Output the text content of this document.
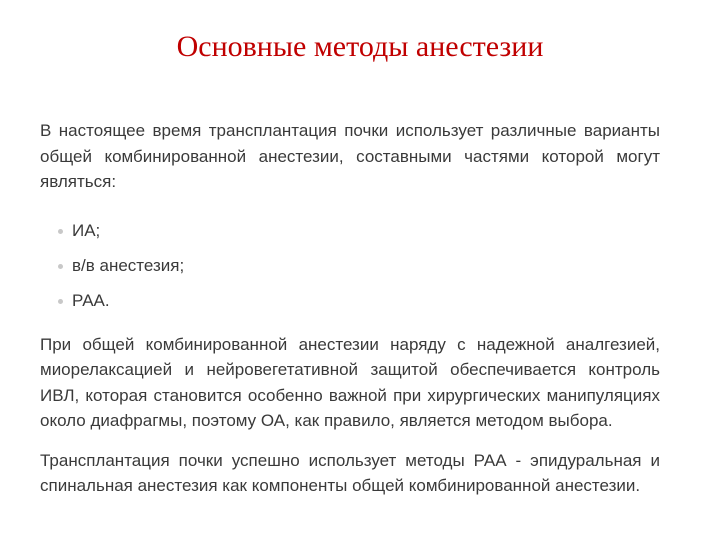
Основные методы анестезии

В настоящее время трансплантация почки использует различные варианты общей комбинированной анестезии, составными частями которой могут являться:

ИА;
в/в анестезия;
РАА.

При общей комбинированной анестезии наряду с надежной аналгезией, миорелаксацией и нейровегетативной защитой обеспечивается контроль ИВЛ, которая становится особенно важной при хирургических манипуляциях около диафрагмы, поэтому ОА, как правило, является методом выбора.

Трансплантация почки успешно использует методы РАА - эпидуральная и спинальная анестезия как компоненты общей комбинированной анестезии.
